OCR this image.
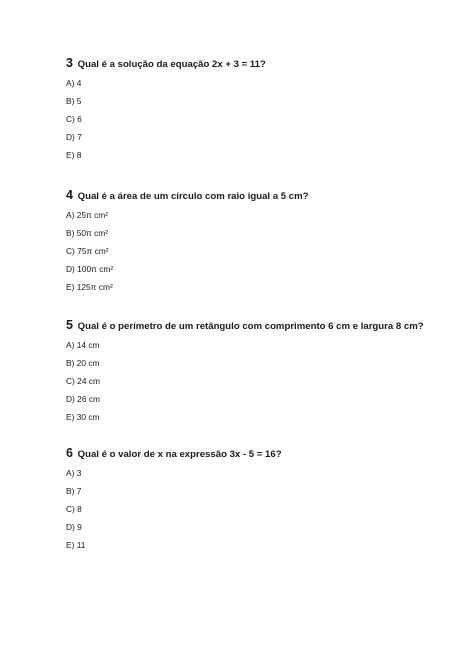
3 Qual é a solução da equação 2x + 3 = 11?
A) 4
B) 5
C) 6
D) 7
E) 8
4 Qual é a área de um círculo com raio igual a 5 cm?
A) 25π cm²
B) 50π cm²
C) 75π cm²
D) 100π cm²
E) 125π cm²
5 Qual é o perímetro de um retângulo com comprimento 6 cm e largura 8 cm?
A) 14 cm
B) 20 cm
C) 24 cm
D) 26 cm
E) 30 cm
6 Qual é o valor de x na expressão 3x - 5 = 16?
A) 3
B) 7
C) 8
D) 9
E) 11
